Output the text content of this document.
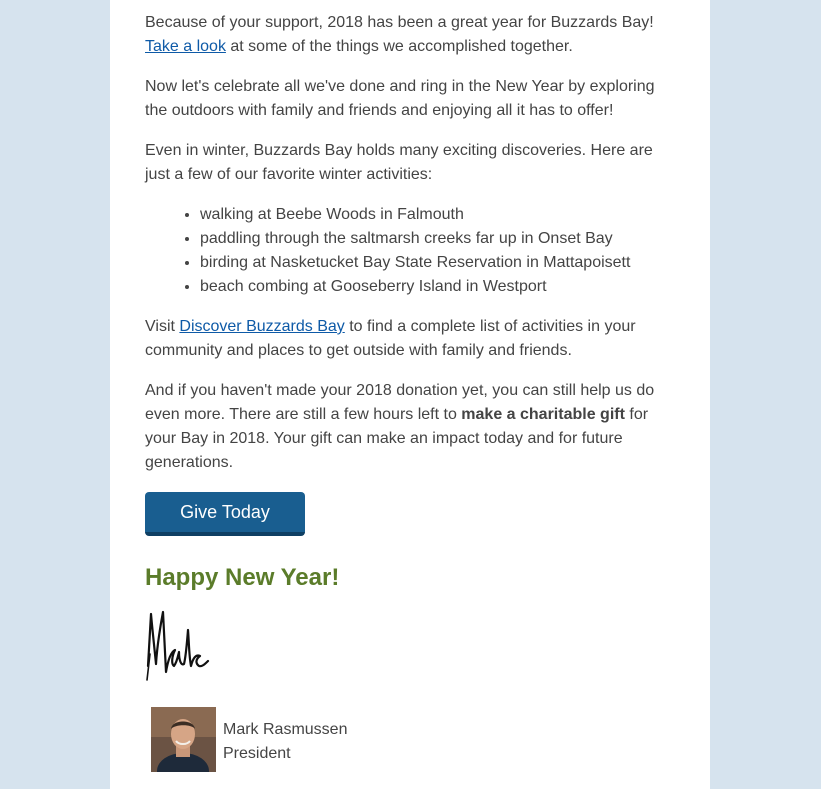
Because of your support, 2018 has been a great year for Buzzards Bay!
Take a look at some of the things we accomplished together.

Now let's celebrate all we've done and ring in the New Year by exploring the outdoors with family and friends and enjoying all it has to offer!

Even in winter, Buzzards Bay holds many exciting discoveries. Here are just a few of our favorite winter activities:

• walking at Beebe Woods in Falmouth
• paddling through the saltmarsh creeks far up in Onset Bay
• birding at Nasketucket Bay State Reservation in Mattapoisett
• beach combing at Gooseberry Island in Westport

Visit Discover Buzzards Bay to find a complete list of activities in your community and places to get outside with family and friends.

And if you haven't made your 2018 donation yet, you can still help us do even more. There are still a few hours left to make a charitable gift for your Bay in 2018. Your gift can make an impact today and for future generations.

Give Today
Happy New Year!
Mark Rasmussen
President
